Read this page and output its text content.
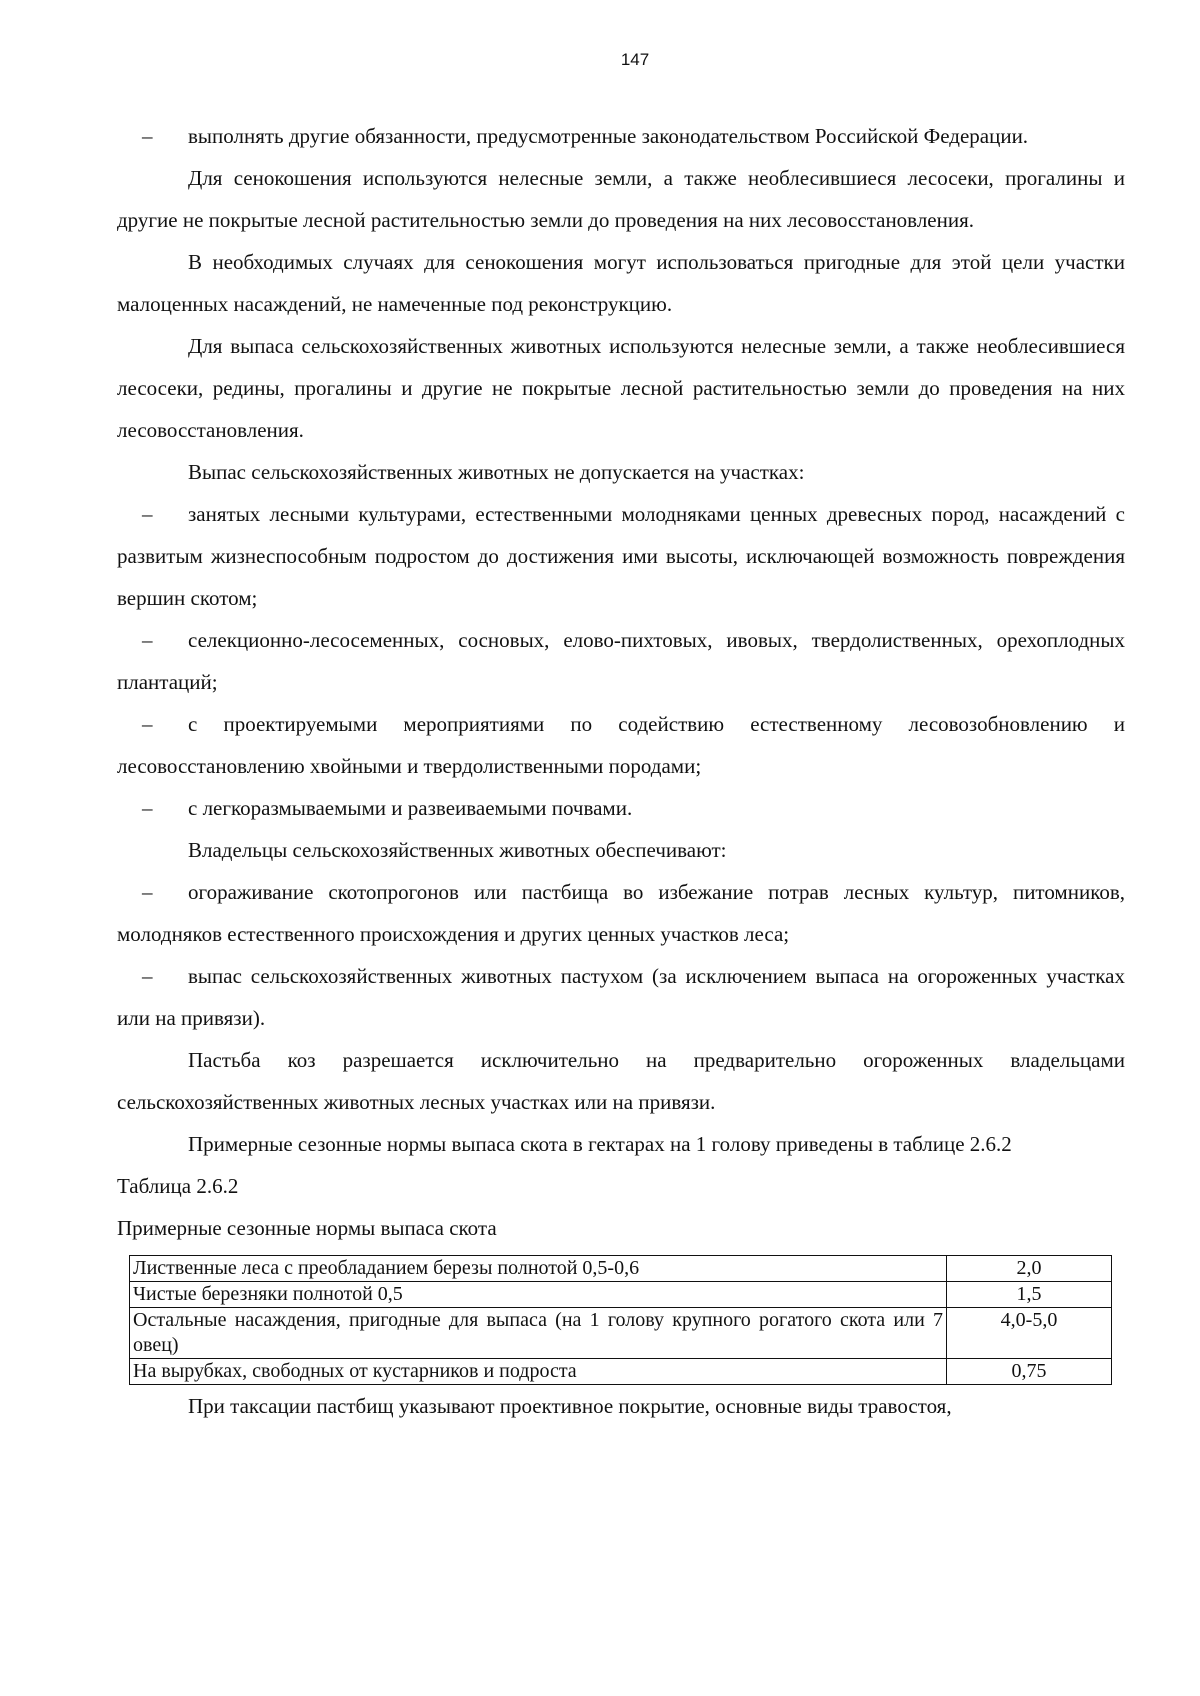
147

– выполнять другие обязанности, предусмотренные законодательством Российской Федерации.

Для сенокошения используются нелесные земли, а также необлесившиеся лесосеки, прогалины и другие не покрытые лесной растительностью земли до проведения на них лесовосстановления.

В необходимых случаях для сенокошения могут использоваться пригодные для этой цели участки малоценных насаждений, не намеченные под реконструкцию.

Для выпаса сельскохозяйственных животных используются нелесные земли, а также необлесившиеся лесосеки, редины, прогалины и другие не покрытые лесной растительностью земли до проведения на них лесовосстановления.

Выпас сельскохозяйственных животных не допускается на участках:

– занятых лесными культурами, естественными молодняками ценных древесных пород, насаждений с развитым жизнеспособным подростом до достижения ими высоты, исключающей возможность повреждения вершин скотом;

– селекционно-лесосеменных, сосновых, елово-пихтовых, ивовых, твердолиственных, орехоплодных плантаций;

– с проектируемыми мероприятиями по содействию естественному лесовозобновлению и лесовосстановлению хвойными и твердолиственными породами;

– с легкоразмываемыми и развеиваемыми почвами.

Владельцы сельскохозяйственных животных обеспечивают:

– огораживание скотопрогонов или пастбища во избежание потрав лесных культур, питомников, молодняков естественного происхождения и других ценных участков леса;

– выпас сельскохозяйственных животных пастухом (за исключением выпаса на огороженных участках или на привязи).

Пастьба коз разрешается исключительно на предварительно огороженных владельцами сельскохозяйственных животных лесных участках или на привязи.

Примерные сезонные нормы выпаса скота в гектарах на 1 голову приведены в таблице 2.6.2

Таблица 2.6.2

Примерные сезонные нормы выпаса скота

Лиственные леса с преобладанием березы полнотой 0,5-0,6	2,0
Чистые березняки полнотой 0,5	1,5
Остальные насаждения, пригодные для выпаса (на 1 голову крупного рогатого скота или 7 овец)	4,0-5,0
На вырубках, свободных от кустарников и подроста	0,75

При таксации пастбищ указывают проективное покрытие, основные виды травостоя,
